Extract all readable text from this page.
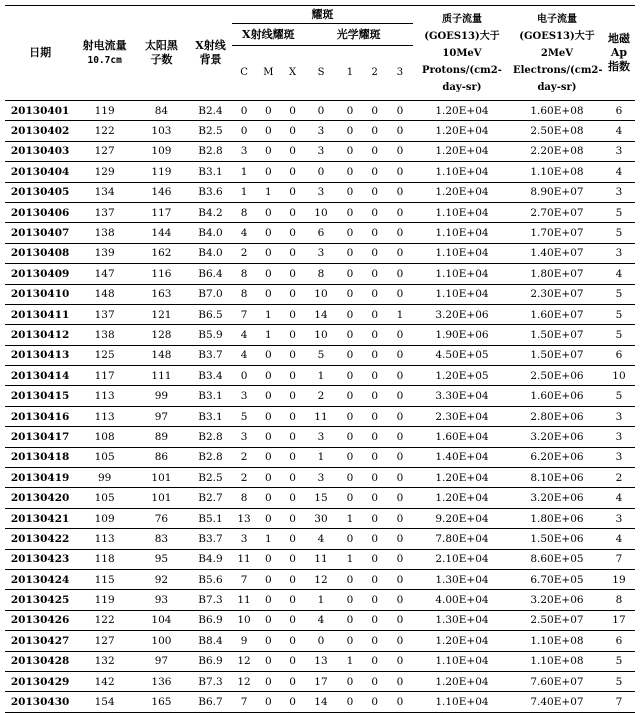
日期	射电流量
10.7cm	太阳黑子数	X射线背景	耀斑							质子流量(GOES13)大于10MeV Protons/(cm2-day-sr)	电子流量(GOES13)大于2MeV Electrons/(cm2-day-sr)	地磁Ap指数
				X射线耀斑			光学耀斑						
				C	M	X	S	1	2	3			
20130401	119	84	B2.4	0	0	0	0	0	0	0	1.20E+04	1.60E+08	6
20130402	122	103	B2.5	0	0	0	3	0	0	0	1.20E+04	2.50E+08	4
20130403	127	109	B2.8	3	0	0	3	0	0	0	1.20E+04	2.20E+08	3
20130404	129	119	B3.1	1	0	0	0	0	0	0	1.10E+04	1.10E+08	4
20130405	134	146	B3.6	1	1	0	3	0	0	0	1.20E+04	8.90E+07	3
20130406	137	117	B4.2	8	0	0	10	0	0	0	1.10E+04	2.70E+07	5
20130407	138	144	B4.0	4	0	0	6	0	0	0	1.10E+04	1.70E+07	5
20130408	139	162	B4.0	2	0	0	3	0	0	0	1.10E+04	1.40E+07	3
20130409	147	116	B6.4	8	0	0	8	0	0	0	1.10E+04	1.80E+07	4
20130410	148	163	B7.0	8	0	0	10	0	0	0	1.10E+04	2.30E+07	5
20130411	137	121	B6.5	7	1	0	14	0	0	1	3.20E+06	1.60E+07	5
20130412	138	128	B5.9	4	1	0	10	0	0	0	1.90E+06	1.50E+07	5
20130413	125	148	B3.7	4	0	0	5	0	0	0	4.50E+05	1.50E+07	6
20130414	117	111	B3.4	0	0	0	1	0	0	0	1.20E+05	2.50E+06	10
20130415	113	99	B3.1	3	0	0	2	0	0	0	3.30E+04	1.60E+06	5
20130416	113	97	B3.1	5	0	0	11	0	0	0	2.30E+04	2.80E+06	3
20130417	108	89	B2.8	3	0	0	3	0	0	0	1.60E+04	3.20E+06	3
20130418	105	86	B2.8	2	0	0	1	0	0	0	1.40E+04	6.20E+06	3
20130419	99	101	B2.5	2	0	0	3	0	0	0	1.20E+04	8.10E+06	2
20130420	105	101	B2.7	8	0	0	15	0	0	0	1.20E+04	3.20E+06	4
20130421	109	76	B5.1	13	0	0	30	1	0	0	9.20E+04	1.80E+06	3
20130422	113	83	B3.7	3	1	0	4	0	0	0	7.80E+04	1.50E+06	4
20130423	118	95	B4.9	11	0	0	11	1	0	0	2.10E+04	8.60E+05	7
20130424	115	92	B5.6	7	0	0	12	0	0	0	1.30E+04	6.70E+05	19
20130425	119	93	B7.3	11	0	0	1	0	0	0	4.00E+04	3.20E+06	8
20130426	122	104	B6.9	10	0	0	4	0	0	0	1.30E+04	2.50E+07	17
20130427	127	100	B8.4	9	0	0	0	0	0	0	1.20E+04	1.10E+08	6
20130428	132	97	B6.9	12	0	0	13	1	0	0	1.10E+04	1.10E+08	5
20130429	142	136	B7.3	12	0	0	17	0	0	0	1.20E+04	7.60E+07	5
20130430	154	165	B6.7	7	0	0	14	0	0	0	1.10E+04	7.40E+07	7
